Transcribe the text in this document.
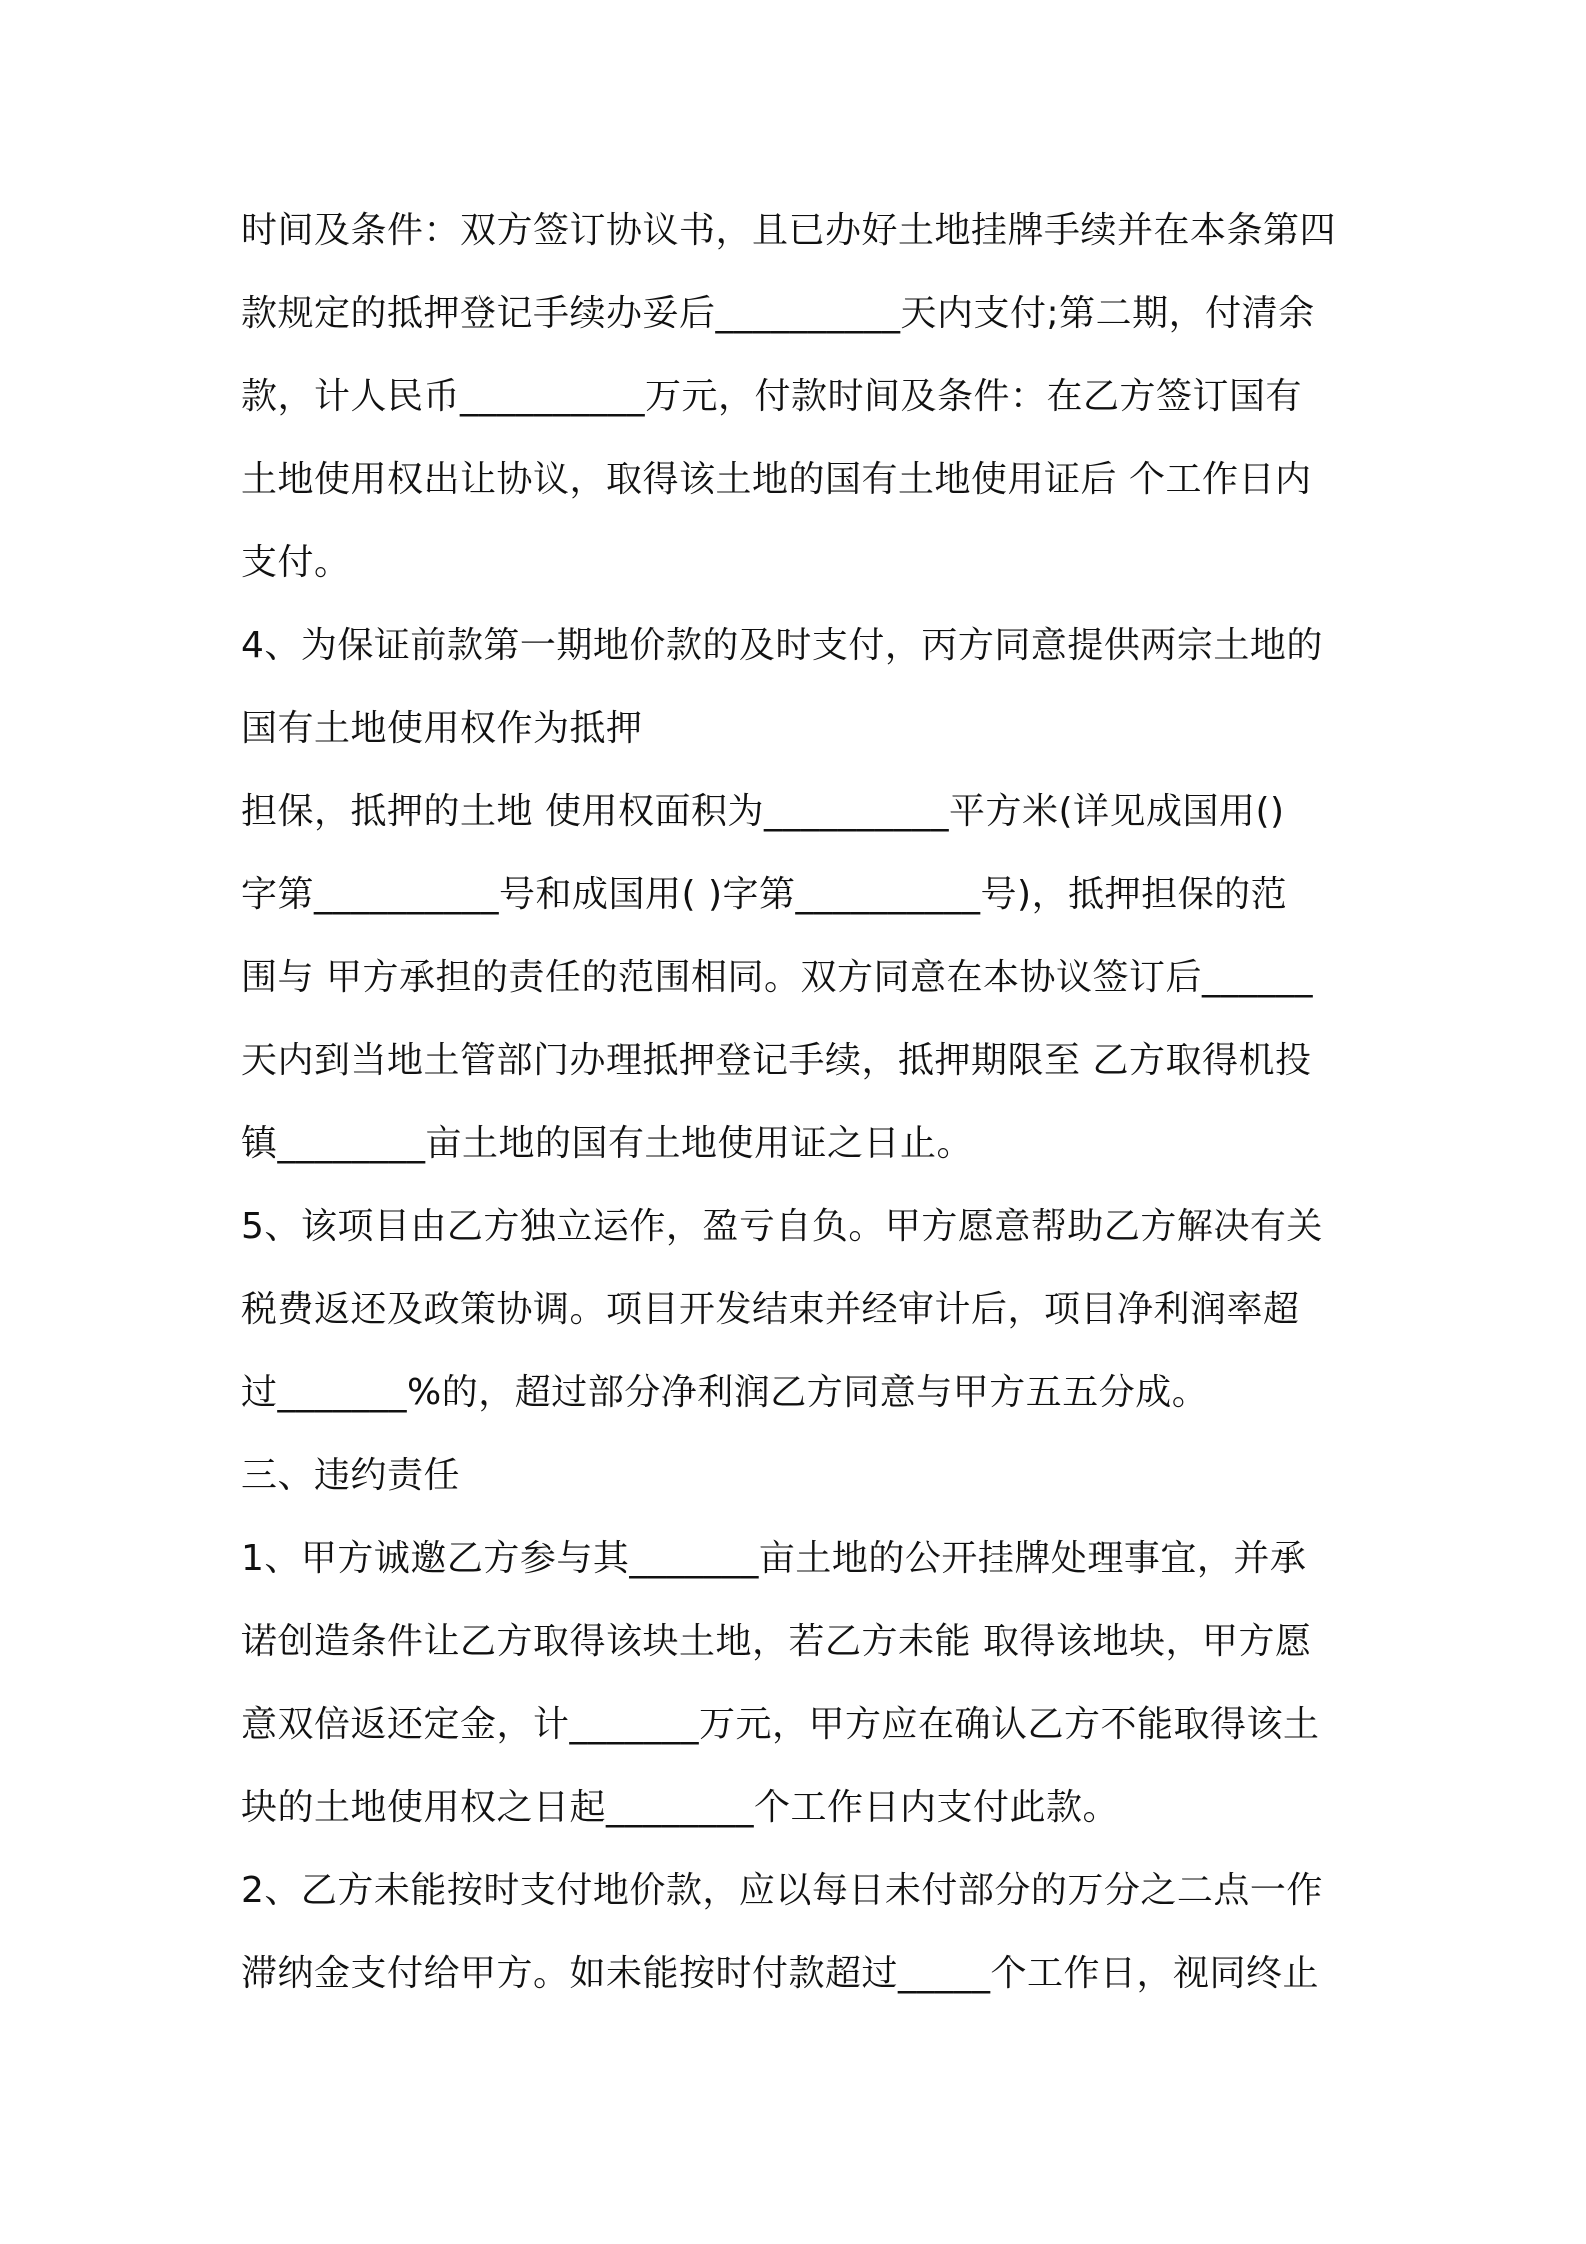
时间及条件：双方签订协议书，且已办好土地挂牌手续并在本条第四
款规定的抵押登记手续办妥后__________天内支付;第二期，付清余
款，计人民币__________万元，付款时间及条件：在乙方签订国有
土地使用权出让协议，取得该土地的国有土地使用证后 个工作日内
支付。
4、为保证前款第一期地价款的及时支付，丙方同意提供两宗土地的
国有土地使用权作为抵押
担保，抵押的土地 使用权面积为__________平方米(详见成国用()
字第__________号和成国用( )字第__________号)，抵押担保的范
围与 甲方承担的责任的范围相同。双方同意在本协议签订后______
天内到当地土管部门办理抵押登记手续，抵押期限至 乙方取得机投
镇________亩土地的国有土地使用证之日止。
5、该项目由乙方独立运作，盈亏自负。甲方愿意帮助乙方解决有关
税费返还及政策协调。项目开发结束并经审计后，项目净利润率超
过_______%的，超过部分净利润乙方同意与甲方五五分成。
三、违约责任
1、甲方诚邀乙方参与其_______亩土地的公开挂牌处理事宜，并承
诺创造条件让乙方取得该块土地，若乙方未能 取得该地块，甲方愿
意双倍返还定金，计_______万元，甲方应在确认乙方不能取得该土
块的土地使用权之日起________个工作日内支付此款。
2、乙方未能按时支付地价款，应以每日未付部分的万分之二点一作
滞纳金支付给甲方。如未能按时付款超过_____个工作日，视同终止
